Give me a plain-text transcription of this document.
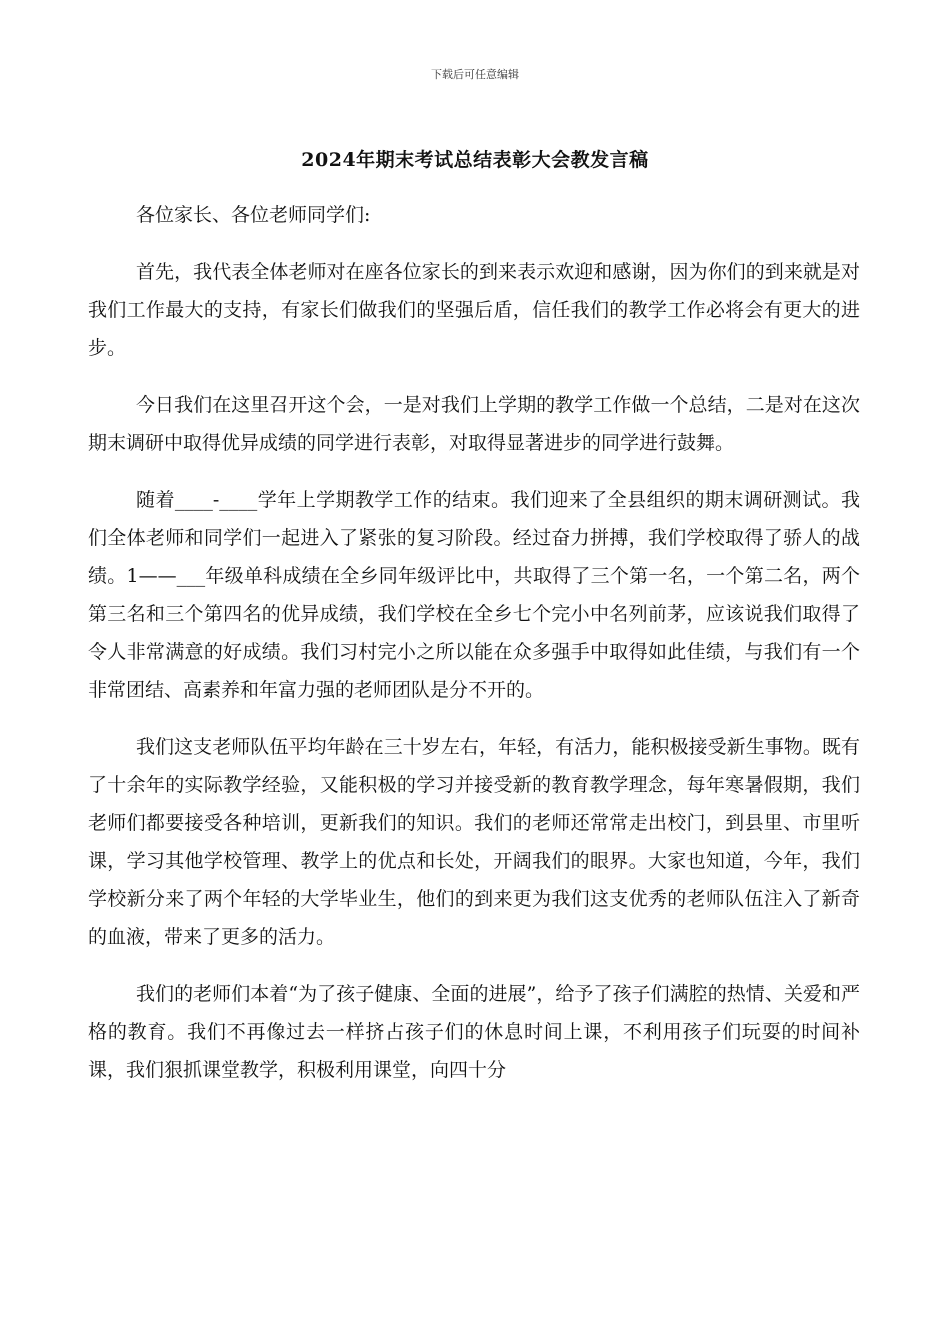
下载后可任意编辑
2024年期末考试总结表彰大会教发言稿

各位家长、各位老师同学们:

首先，我代表全体老师对在座各位家长的到来表示欢迎和感谢，因为你们的到来就是对我们工作最大的支持，有家长们做我们的坚强后盾，信任我们的教学工作必将会有更大的进步。

今日我们在这里召开这个会，一是对我们上学期的教学工作做一个总结，二是对在这次期末调研中取得优异成绩的同学进行表彰，对取得显著进步的同学进行鼓舞。

随着____-____学年上学期教学工作的结束。我们迎来了全县组织的期末调研测试。我们全体老师和同学们一起进入了紧张的复习阶段。经过奋力拼搏，我们学校取得了骄人的战绩。1——___年级单科成绩在全乡同年级评比中，共取得了三个第一名，一个第二名，两个第三名和三个第四名的优异成绩，我们学校在全乡七个完小中名列前茅，应该说我们取得了令人非常满意的好成绩。我们习村完小之所以能在众多强手中取得如此佳绩，与我们有一个非常团结、高素养和年富力强的老师团队是分不开的。

我们这支老师队伍平均年龄在三十岁左右，年轻，有活力，能积极接受新生事物。既有了十余年的实际教学经验，又能积极的学习并接受新的教育教学理念，每年寒暑假期，我们老师们都要接受各种培训，更新我们的知识。我们的老师还常常走出校门，到县里、市里听课，学习其他学校管理、教学上的优点和长处，开阔我们的眼界。大家也知道，今年，我们学校新分来了两个年轻的大学毕业生，他们的到来更为我们这支优秀的老师队伍注入了新奇的血液，带来了更多的活力。

我们的老师们本着“为了孩子健康、全面的进展”，给予了孩子们满腔的热情、关爱和严格的教育。我们不再像过去一样挤占孩子们的休息时间上课，不利用孩子们玩耍的时间补课，我们狠抓课堂教学，积极利用课堂，向四十分
